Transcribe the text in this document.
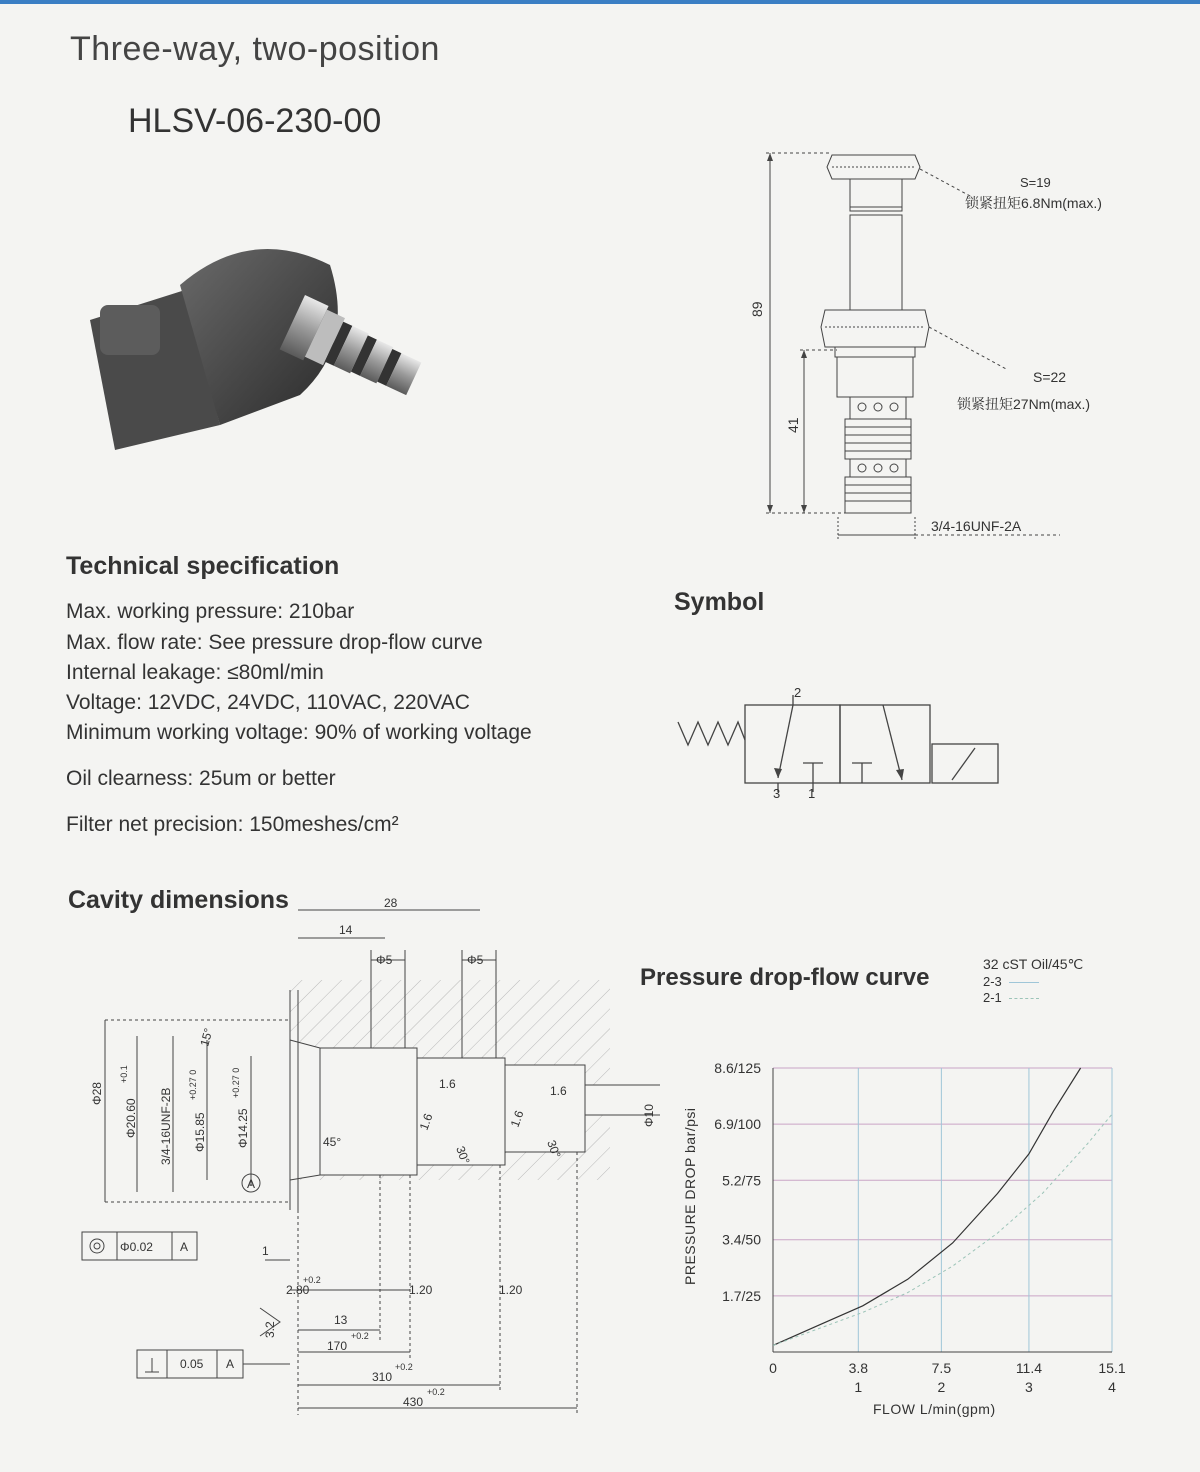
Three-way, two-position
HLSV-06-230-00
89
41
S=19
锁紧扭矩6.8Nm(max.)
S=22
锁紧扭矩27Nm(max.)
3/4-16UNF-2A
Technical specification
Max. working pressure: 210bar
Max. flow rate: See pressure drop-flow curve
Internal leakage: ≤80ml/min
Voltage: 12VDC, 24VDC, 110VAC, 220VAC
Minimum working voltage: 90% of working voltage
Oil clearness: 25um or better
Filter net precision: 150meshes/cm²
Symbol
2
3 1
Cavity dimensions	28
14
Φ5	Φ5
Φ28
Φ20.60
+0.1
3/4-16UNF-2B Φ15.85
+0.27 0
Φ14.25
+0.27 0
Φ10
15°
45°
30°	30°
1.6
1.6	1.6
1.6
A
Φ0.02 A
0.05 A
1
2.80
+0.2
1.20	1.20
3.2
13
170
+0.2
310
+0.2
430
+0.2
Pressure drop-flow curve	32 cST Oil/45℃
2-3
2-1
1.7/25
3.4/50
5.2/75
6.9/100
8.6/125
0	3.8
1
7.5
2
11.4
3
15.1
4
PRESSURE DROP bar/psi
FLOW L/min(gpm)
